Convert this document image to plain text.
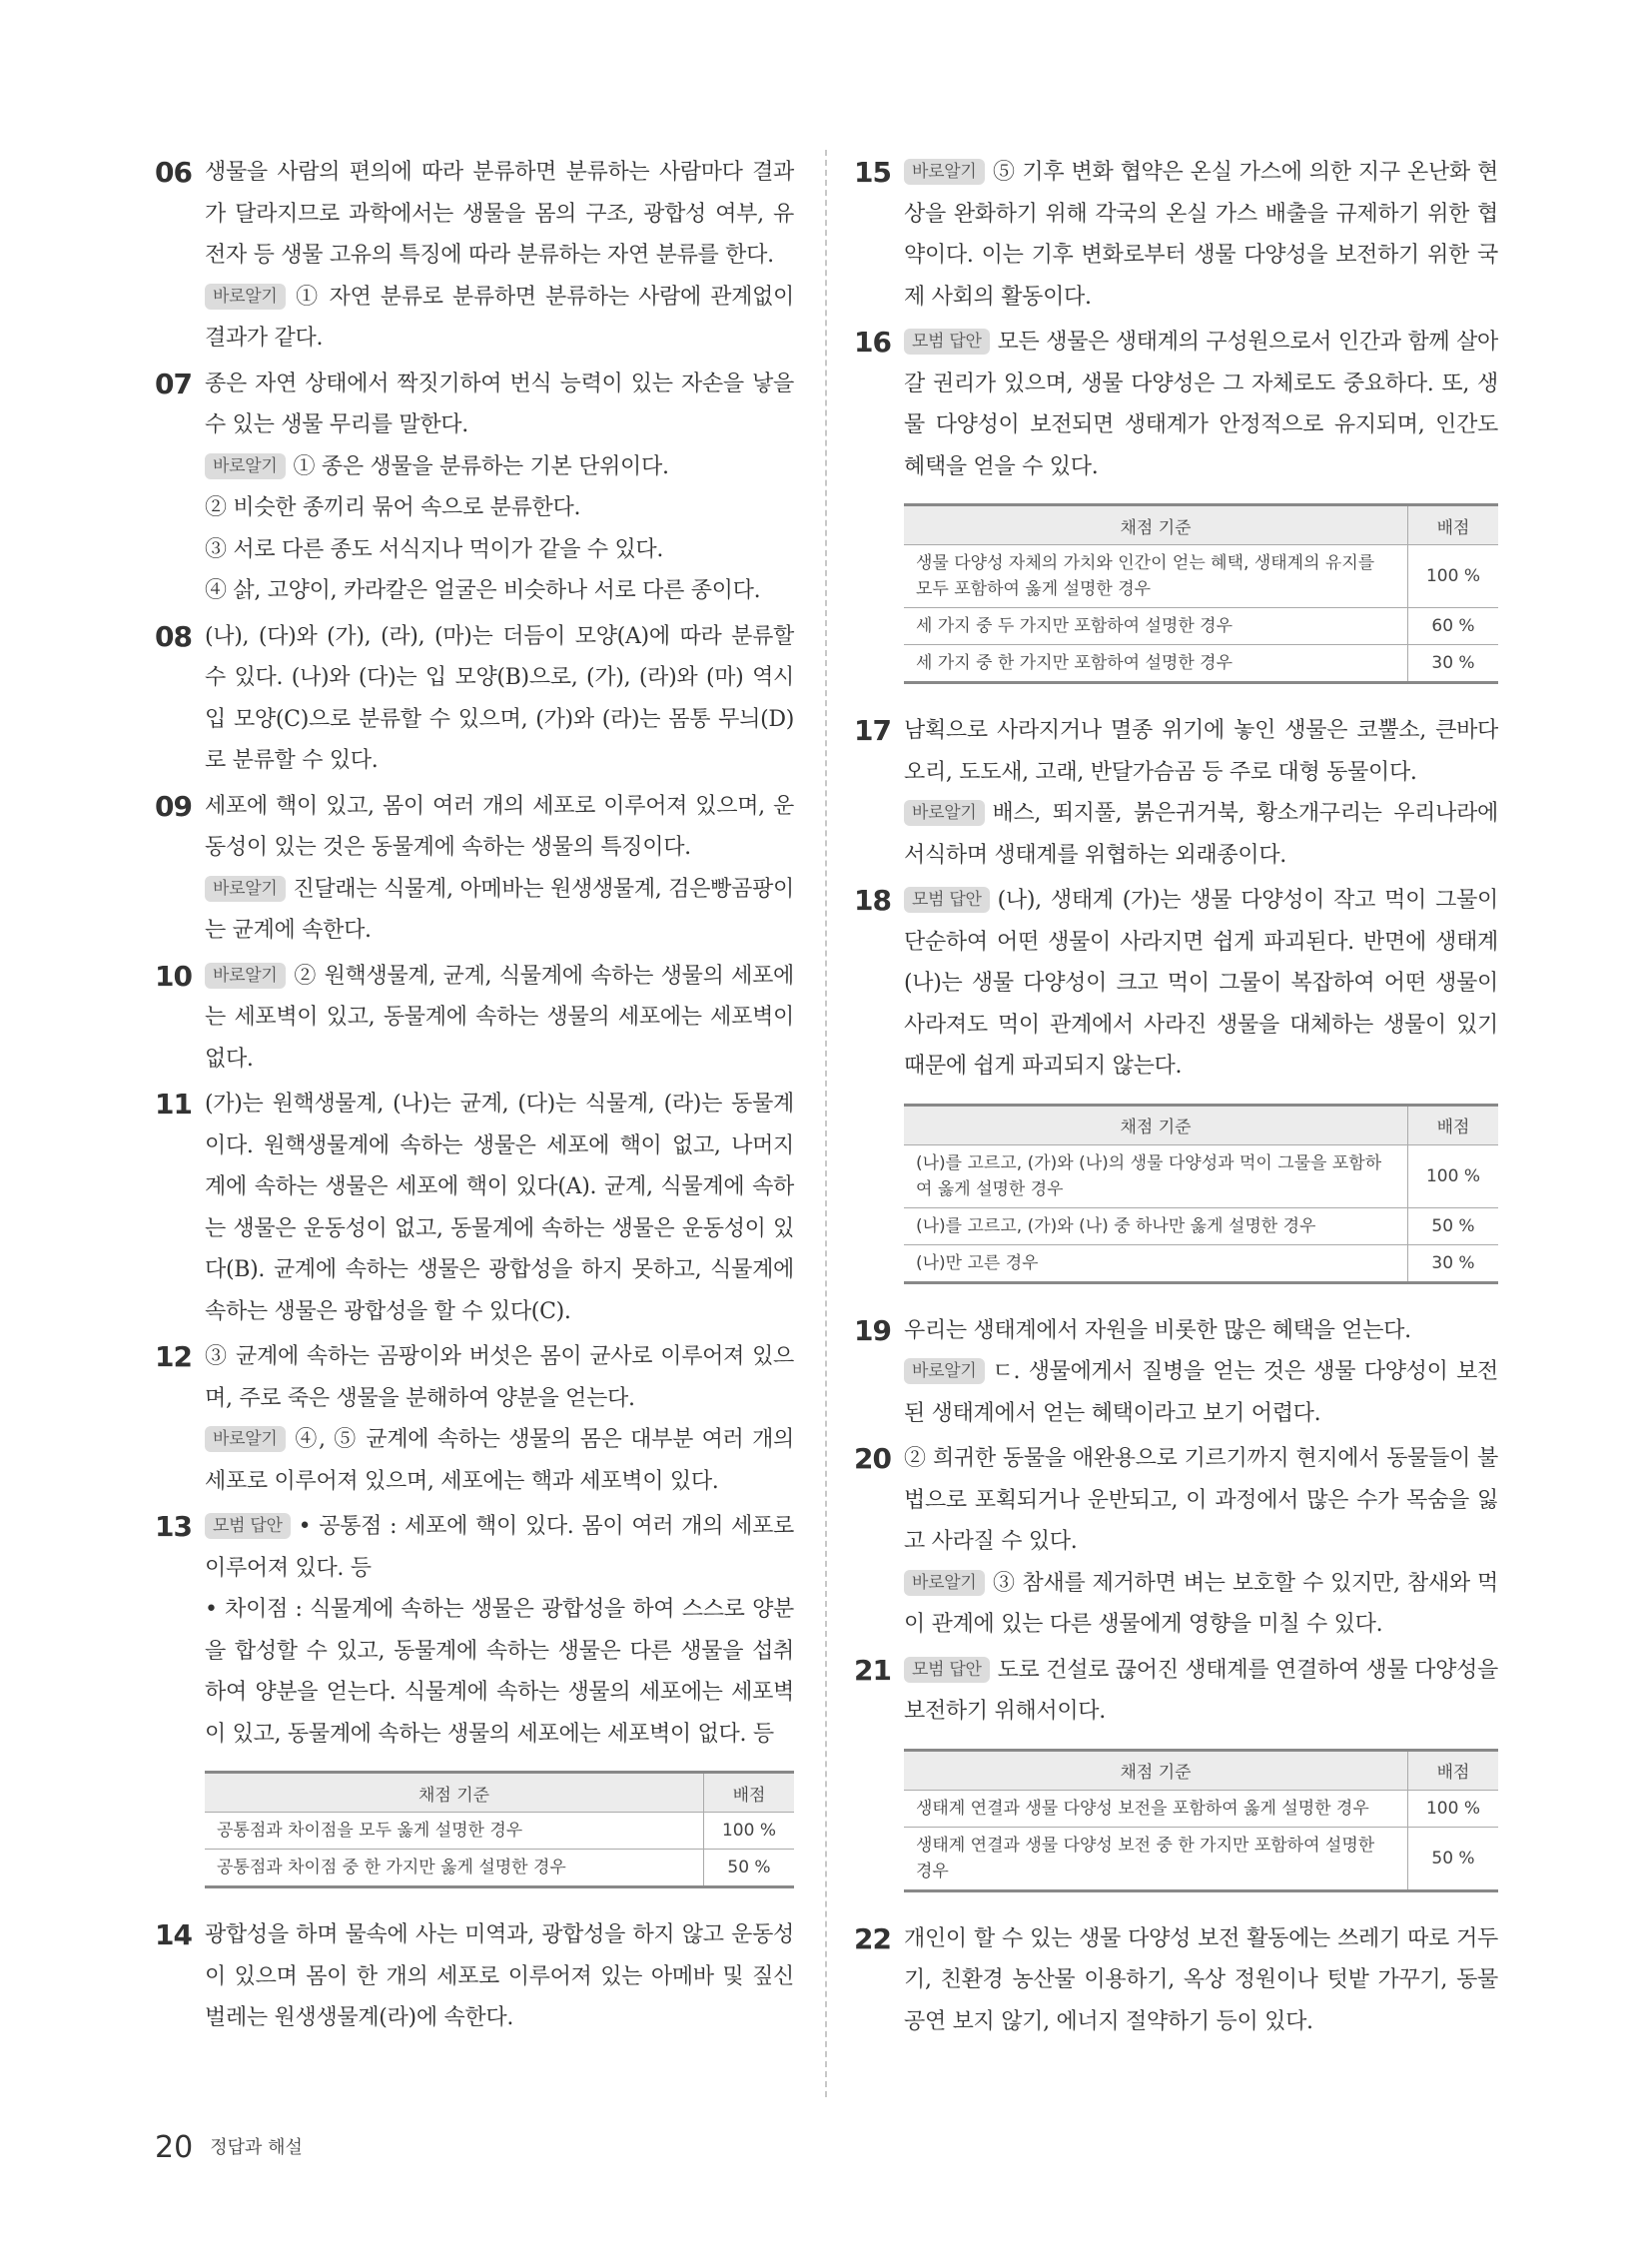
06 생물을 사람의 편의에 따라 분류하면 분류하는 사람마다 결과가 달라지므로 과학에서는 생물을 몸의 구조, 광합성 여부, 유전자 등 생물 고유의 특징에 따라 분류하는 자연 분류를 한다.

바로알기 ① 자연 분류로 분류하면 분류하는 사람에 관계없이 결과가 같다.

07 종은 자연 상태에서 짝짓기하여 번식 능력이 있는 자손을 낳을 수 있는 생물 무리를 말한다.

바로알기 ① 종은 생물을 분류하는 기본 단위이다.

② 비슷한 종끼리 묶어 속으로 분류한다.

③ 서로 다른 종도 서식지나 먹이가 같을 수 있다.

④ 삵, 고양이, 카라칼은 얼굴은 비슷하나 서로 다른 종이다.

08 (나), (다)와 (가), (라), (마)는 더듬이 모양(A)에 따라 분류할 수 있다. (나)와 (다)는 입 모양(B)으로, (가), (라)와 (마) 역시 입 모양(C)으로 분류할 수 있으며, (가)와 (라)는 몸통 무늬(D)로 분류할 수 있다.

09 세포에 핵이 있고, 몸이 여러 개의 세포로 이루어져 있으며, 운동성이 있는 것은 동물계에 속하는 생물의 특징이다.

바로알기 진달래는 식물계, 아메바는 원생생물계, 검은빵곰팡이는 균계에 속한다.

10	바로알기 ② 원핵생물계, 균계, 식물계에 속하는 생물의 세포에는 세포벽이 있고, 동물계에 속하는 생물의 세포에는 세포벽이 없다.

11 (가)는 원핵생물계, (나)는 균계, (다)는 식물계, (라)는 동물계이다. 원핵생물계에 속하는 생물은 세포에 핵이 없고, 나머지 계에 속하는 생물은 세포에 핵이 있다(A). 균계, 식물계에 속하는 생물은 운동성이 없고, 동물계에 속하는 생물은 운동성이 있다(B). 균계에 속하는 생물은 광합성을 하지 못하고, 식물계에 속하는 생물은 광합성을 할 수 있다(C).

12 ③ 균계에 속하는 곰팡이와 버섯은 몸이 균사로 이루어져 있으며, 주로 죽은 생물을 분해하여 양분을 얻는다.

바로알기 ④, ⑤ 균계에 속하는 생물의 몸은 대부분 여러 개의 세포로 이루어져 있으며, 세포에는 핵과 세포벽이 있다.

13	모범 답안 • 공통점 : 세포에 핵이 있다. 몸이 여러 개의 세포로 이루어져 있다. 등

• 차이점 : 식물계에 속하는 생물은 광합성을 하여 스스로 양분을 합성할 수 있고, 동물계에 속하는 생물은 다른 생물을 섭취하여 양분을 얻는다. 식물계에 속하는 생물의 세포에는 세포벽이 있고, 동물계에 속하는 생물의 세포에는 세포벽이 없다. 등

채점 기준	배점
공통점과 차이점을 모두 옳게 설명한 경우	100 %
공통점과 차이점 중 한 가지만 옳게 설명한 경우	50 %
14 광합성을 하며 물속에 사는 미역과, 광합성을 하지 않고 운동성이 있으며 몸이 한 개의 세포로 이루어져 있는 아메바 및 짚신벌레는 원생생물계(라)에 속한다.

15	바로알기 ⑤ 기후 변화 협약은 온실 가스에 의한 지구 온난화 현상을 완화하기 위해 각국의 온실 가스 배출을 규제하기 위한 협약이다. 이는 기후 변화로부터 생물 다양성을 보전하기 위한 국제 사회의 활동이다.

16	모범 답안 모든 생물은 생태계의 구성원으로서 인간과 함께 살아갈 권리가 있으며, 생물 다양성은 그 자체로도 중요하다. 또, 생물 다양성이 보전되면 생태계가 안정적으로 유지되며, 인간도 혜택을 얻을 수 있다.

채점 기준	배점
생물 다양성 자체의 가치와 인간이 얻는 혜택, 생태계의 유지를 모두 포함하여 옳게 설명한 경우	100 %
세 가지 중 두 가지만 포함하여 설명한 경우	60 %
세 가지 중 한 가지만 포함하여 설명한 경우	30 %
17 남획으로 사라지거나 멸종 위기에 놓인 생물은 코뿔소, 큰바다오리, 도도새, 고래, 반달가슴곰 등 주로 대형 동물이다.

바로알기 배스, 뙤지풀, 붉은귀거북, 황소개구리는 우리나라에 서식하며 생태계를 위협하는 외래종이다.

18	모범 답안 (나), 생태계 (가)는 생물 다양성이 작고 먹이 그물이 단순하여 어떤 생물이 사라지면 쉽게 파괴된다. 반면에 생태계 (나)는 생물 다양성이 크고 먹이 그물이 복잡하여 어떤 생물이 사라져도 먹이 관계에서 사라진 생물을 대체하는 생물이 있기 때문에 쉽게 파괴되지 않는다.

채점 기준	배점
(나)를 고르고, (가)와 (나)의 생물 다양성과 먹이 그물을 포함하여 옳게 설명한 경우	100 %
(나)를 고르고, (가)와 (나) 중 하나만 옳게 설명한 경우	50 %
(나)만 고른 경우	30 %
19 우리는 생태계에서 자원을 비롯한 많은 혜택을 얻는다.

바로알기 ㄷ. 생물에게서 질병을 얻는 것은 생물 다양성이 보전된 생태계에서 얻는 혜택이라고 보기 어렵다.

20 ② 희귀한 동물을 애완용으로 기르기까지 현지에서 동물들이 불법으로 포획되거나 운반되고, 이 과정에서 많은 수가 목숨을 잃고 사라질 수 있다.

바로알기 ③ 참새를 제거하면 벼는 보호할 수 있지만, 참새와 먹이 관계에 있는 다른 생물에게 영향을 미칠 수 있다.

21	모범 답안 도로 건설로 끊어진 생태계를 연결하여 생물 다양성을 보전하기 위해서이다.

채점 기준	배점
생태계 연결과 생물 다양성 보전을 포함하여 옳게 설명한 경우	100 %
생태계 연결과 생물 다양성 보전 중 한 가지만 포함하여 설명한 경우	50 %
22 개인이 할 수 있는 생물 다양성 보전 활동에는 쓰레기 따로 거두기, 친환경 농산물 이용하기, 옥상 정원이나 텃밭 가꾸기, 동물 공연 보지 않기, 에너지 절약하기 등이 있다.

20 정답과 해설
